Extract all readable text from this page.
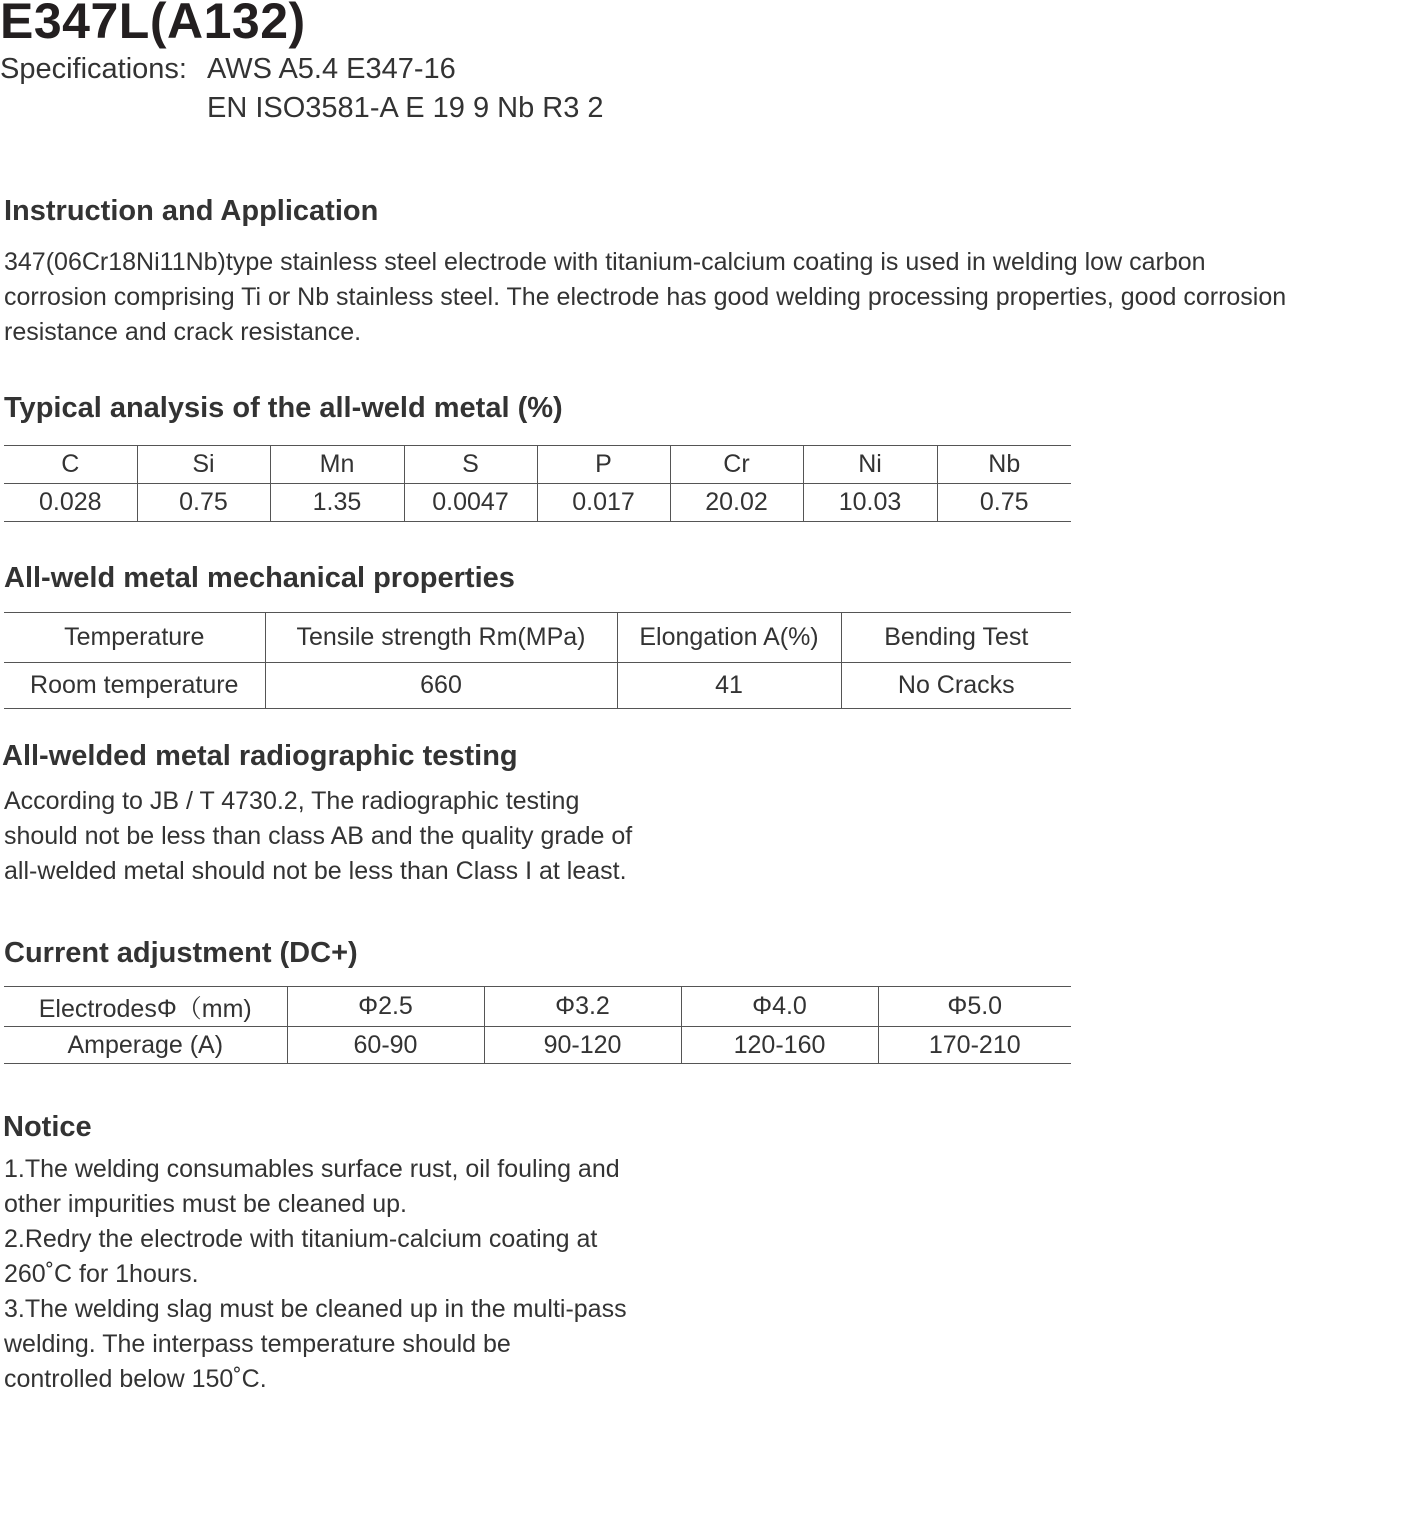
E347L(A132)
Specifications: AWS A5.4 E347-16
EN ISO3581-A E 19 9 Nb R3 2
Instruction and Application
347(06Cr18Ni11Nb)type stainless steel electrode with titanium-calcium coating is used in welding low carbon
corrosion comprising Ti or Nb stainless steel. The electrode has good welding processing properties, good corrosion
resistance and crack resistance.
Typical analysis of the all-weld metal (%)
C	Si	Mn	S	P	Cr	Ni	Nb
0.028	0.75	1.35	0.0047	0.017	20.02	10.03	0.75
All-weld metal mechanical properties
Temperature	Tensile strength Rm(MPa)	Elongation A(%)	Bending Test
Room temperature	660	41	No Cracks
All-welded metal radiographic testing
According to JB / T 4730.2, The radiographic testing
should not be less than class AB and the quality grade of
all-welded metal should not be less than Class I at least.
Current adjustment (DC+)
ElectrodesΦ（mm)	Φ2.5	Φ3.2	Φ4.0	Φ5.0
Amperage (A)	60-90	90-120	120-160	170-210
Notice
1.The welding consumables surface rust, oil fouling and
other impurities must be cleaned up.
2.Redry the electrode with titanium-calcium coating at
260˚C for 1hours.
3.The welding slag must be cleaned up in the multi-pass
welding. The interpass temperature should be
controlled below 150˚C.
